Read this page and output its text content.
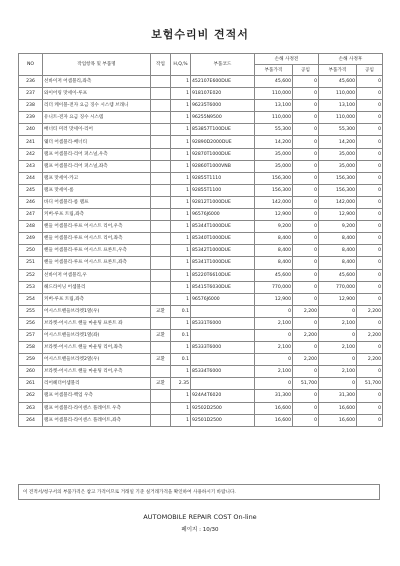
보험수리비 견적서
NO	작업항목 및 부품명	작업	H,Q,%	부품코드	손해 사정전		손해 사정후	
					부품가격	공임	부품가격	공임
236	선바이저 어셈블리,좌측		1	452107E600DUE	45,600	0	45,600	0
237	와이어링 맛세이-루프		1	918107E020	110,000	0	110,000	0
238	리더 케이블-전자 요금 징수 시스템 브래니		1	96235T6000	13,100	0	13,100	0
239	유니트-전자 요금 징수 시스템		1	96255N9500	110,000	0	110,000	0
240	배너티 미러 맛세이-리어		1	853857T100DUE	55,300	0	55,300	0
241	웨더 어셈블리-배너티		1	92890D2000DUE	14,200	0	14,200	0
242	램프 어셈블리-리어 퍼스널,우측		1	92870T1000DUE	35,000	0	35,000	0
243	램프 어셈블리-리어 퍼스널,좌측		1	92860T1000VNB	35,000	0	35,000	0
244	램프 맛세이-카고		1	92855T1110	156,300	0	156,300	0
245	램프 맛세이-룸		1	92855T1100	156,300	0	156,300	0
246	바디 어셈블리-룸 램프		1	92812T1000DUE	142,000	0	142,000	0
247	커버-루프 트림,좌측		1	96576J6000	12,900	0	12,900	0
248	핸들 어셈블리-루프 어시스트 리어,우측		1	85344T1000DUE	9,200	0	9,200	0
249	핸들 어셈블리-루프 어시스트 리어,좌측		1	85340T1000DUE	8,400	0	8,400	0
250	핸들 어셈블리-루프 어시스트 프론트,우측		1	85342T1000DUE	8,400	0	8,400	0
251	핸들 어셈블리-루프 어시스트 프론트,좌측		1	85341T1000DUE	8,400	0	8,400	0
252	선바이저 어셈블리,우		1	85220T6610DUE	45,600	0	45,600	0
253	헤드라이닝 어셈블리		1	85415T6030DUE	770,000	0	770,000	0
254	커버-루프 트림,좌측		1	96576J6000	12,900	0	12,900	0
255	어시스트핸들브라켓1열(우)	교환	0.1		0	2,200	0	2,200
256	브라켓-어시스트 핸들 마운팅 프론트 좌		1	85331T6000	2,100	0	2,100	0
257	어시스트핸들브라켓1열(좌)	교환	0.1		0	2,200	0	2,200
258	브라켓-어시스트 핸들 마운팅 리어,좌측		1	85333T6000	2,100	0	2,100	0
259	어시스트핸들브라켓2열(우)	교환	0.1		0	2,200	0	2,200
260	브라켓-어시스트 핸들 마운팅 리어,우측		1	85334T6000	2,100	0	2,100	0
261	리어헤더어셈블리	교환	2.35		0	51,700	0	51,700
262	램프 어셈블리-백업 우측		1	924A4T6020	31,300	0	31,300	0
263	램프 어셈블리-라이센스 플레이트 우측		1	92502D2500	16,600	0	16,600	0
264	램프 어셈블리-라이센스 플레이트,좌측		1	92501D2500	16,600	0	16,600	0
이 견적서/청구서의 부품가격은 참고 가격이므로 거래일 기준 실거래가격을 확인하여 사용하시기 바랍니다.
AUTOMOBILE REPAIR COST On-line
페이지 : 10/30
